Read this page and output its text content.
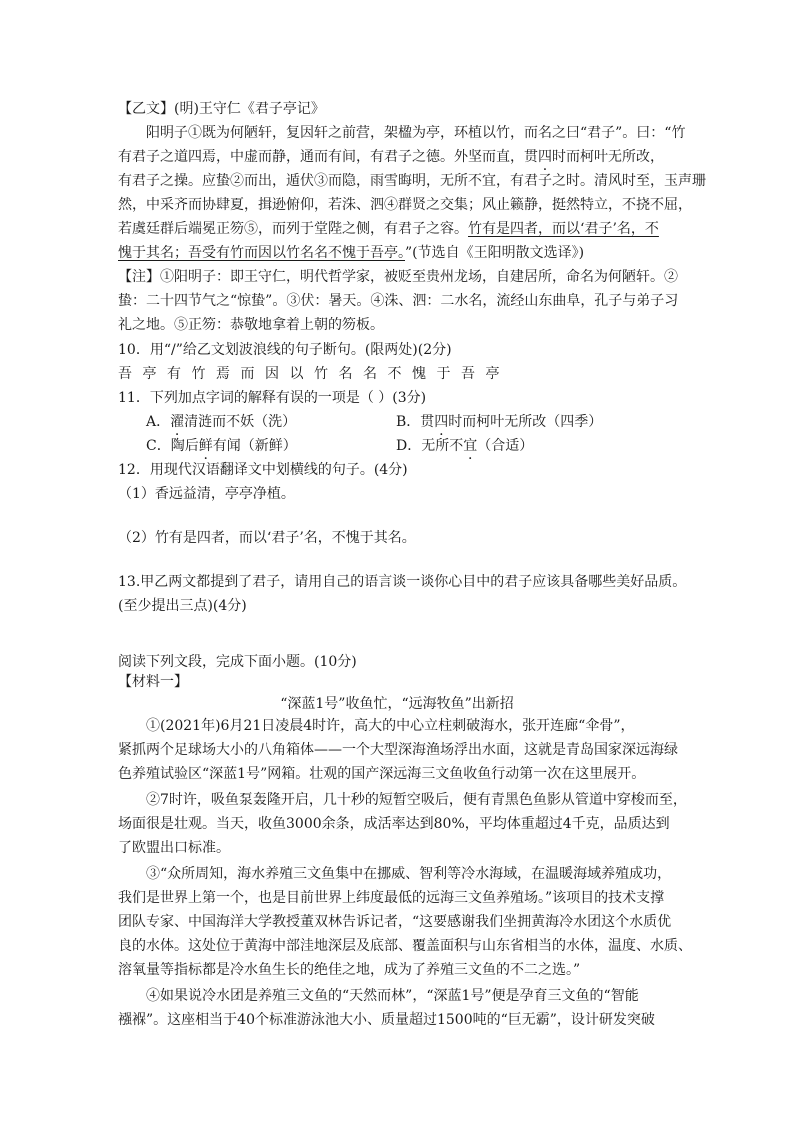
【乙文】(明)王守仁《君子亭记》
阳明子①既为何陋轩，复因轩之前营，架楹为亭，环植以竹，而名之曰“君子”。曰：“竹
有君子之道四焉，中虚而静，通而有间，有君子之德。外坚而直，贯四时而柯叶无所改，
有君子之操。应蛰②而出，遁伏③而隐，雨雪晦明，无所不宜，有君子之时。清风时至，玉声珊
然，中采齐而协肆夏，揖逊俯仰，若洙、泗④群贤之交集；风止籁静，挺然特立，不挠不屈，
若虞廷群后端冕正笏⑤，而列于堂陛之侧，有君子之容。竹有是四者，而以‘君子’名，不
愧于其名；吾受有竹而因以竹名名不愧于吾亭。”(节选自《王阳明散文选译》)
【注】①阳明子：即王守仁，明代哲学家，被贬至贵州龙场，自建居所，命名为何陋轩。②
蛰：二十四节气之“惊蛰”。③伏：暑天。④洙、泗：二水名，流经山东曲阜，孔子与弟子习
礼之地。⑤正笏：恭敬地拿着上朝的笏板。
10．用“/”给乙文划波浪线的句子断句。(限两处)(2分)
吾亭有竹焉而因以竹名名不愧于吾亭
11．下列加点字词的解释有误的一项是（ ）(3分)
A．濯清涟而不妖（洗）	B．贯四时而柯叶无所改（四季）
C．陶后鲜有闻（新鲜）	D．无所不宜（合适）
12．用现代汉语翻译文中划横线的句子。(4分)
（1）香远益清，亭亭净植。
（2）竹有是四者，而以‘君子’名，不愧于其名。
13.甲乙两文都提到了君子，请用自己的语言谈一谈你心目中的君子应该具备哪些美好品质。
(至少提出三点)(4分)
阅读下列文段，完成下面小题。(10分)
【材料一】
“深蓝1号”收鱼忙，“远海牧鱼”出新招
①(2021年)6月21日凌晨4时许，高大的中心立柱刺破海水，张开连廊“伞骨”，
紧抓两个足球场大小的八角箱体——一个大型深海渔场浮出水面，这就是青岛国家深远海绿
色养殖试验区“深蓝1号”网箱。壮观的国产深远海三文鱼收鱼行动第一次在这里展开。
②7时许，吸鱼泵轰隆开启，几十秒的短暂空吸后，便有青黑色鱼影从管道中穿梭而至，
场面很是壮观。当天，收鱼3000余条，成活率达到80%，平均体重超过4千克，品质达到
了欧盟出口标准。
③“众所周知，海水养殖三文鱼集中在挪威、智利等冷水海域，在温暖海域养殖成功，
我们是世界上第一个，也是目前世界上纬度最低的远海三文鱼养殖场。”该项目的技术支撑
团队专家、中国海洋大学教授董双林告诉记者，“这要感谢我们坐拥黄海冷水团这个水质优
良的水体。这处位于黄海中部洼地深层及底部、覆盖面积与山东省相当的水体，温度、水质、
溶氧量等指标都是冷水鱼生长的绝佳之地，成为了养殖三文鱼的不二之选。”
④如果说冷水团是养殖三文鱼的“天然而林”，“深蓝1号”便是孕育三文鱼的“智能
襁褓”。这座相当于40个标准游泳池大小、质量超过1500吨的“巨无霸”，设计研发突破
